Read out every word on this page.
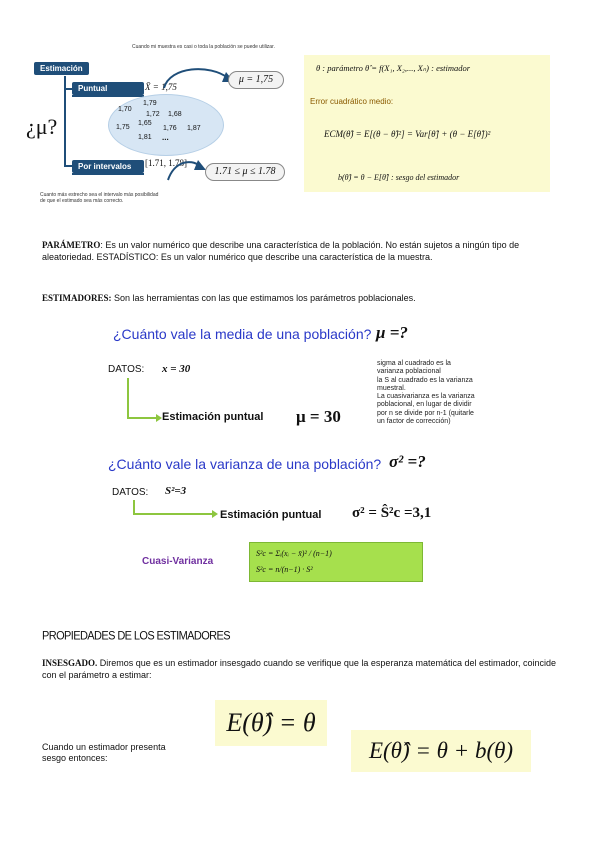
Cuando mi muestra es casi o toda la población se puede utilizar.
Estimación
Puntual
Por intervalos
¿μ?
X̄ = 1,75
1,70
1,79
1,72 1,68
1,75
1,65
1,76 1,87
1,81 ...
[1.71, 1.78]
μ = 1,75
1.71 ≤ μ ≤ 1.78
Cuanto más estrecho sea el intervalo más posibilidad
de que el estimado sea más correcto.
θ : parámetro θ̂ = f(X₁, X₂,..., Xₙ) : estimador
Error cuadrático medio:
ECM(θ̂) = E[(θ − θ̂)²] = Var[θ̂] + (θ − E[θ̂])²
b(θ̂) = θ − E[θ̂] : sesgo del estimador
PARÁMETRO: Es un valor numérico que describe una característica de la población. No están sujetos a ningún tipo de aleatoriedad. ESTADÍSTICO: Es un valor numérico que describe una característica de la muestra.
ESTIMADORES: Son las herramientas con las que estimamos los parámetros poblacionales.
¿Cuánto vale la media de una población? μ =?
DATOS: x = 30
Estimación puntual μ = 30
sigma al cuadrado es la
varianza poblacional
la S al cuadrado es la varianza
muestral.
La cuasivarianza es la varianza
poblacional, en lugar de dividir
por n se divide por n-1 (quitarle
un factor de corrección)
¿Cuánto vale la varianza de una población? σ² =?
DATOS: S²=3
Estimación puntual σ² = Ŝ²c =3,1
Cuasi-Varianza
S²c = Σᵢ(xᵢ − x̄)² / (n−1)
S²c = n/(n−1) · S²
PROPIEDADES DE LOS ESTIMADORES
INSESGADO. Diremos que es un estimador insesgado cuando se verifique que la esperanza matemática del estimador, coincide con el parámetro a estimar:
E(θ̂) = θ
Cuando un estimador presenta
sesgo entonces:	E(θ̂) = θ + b(θ)
